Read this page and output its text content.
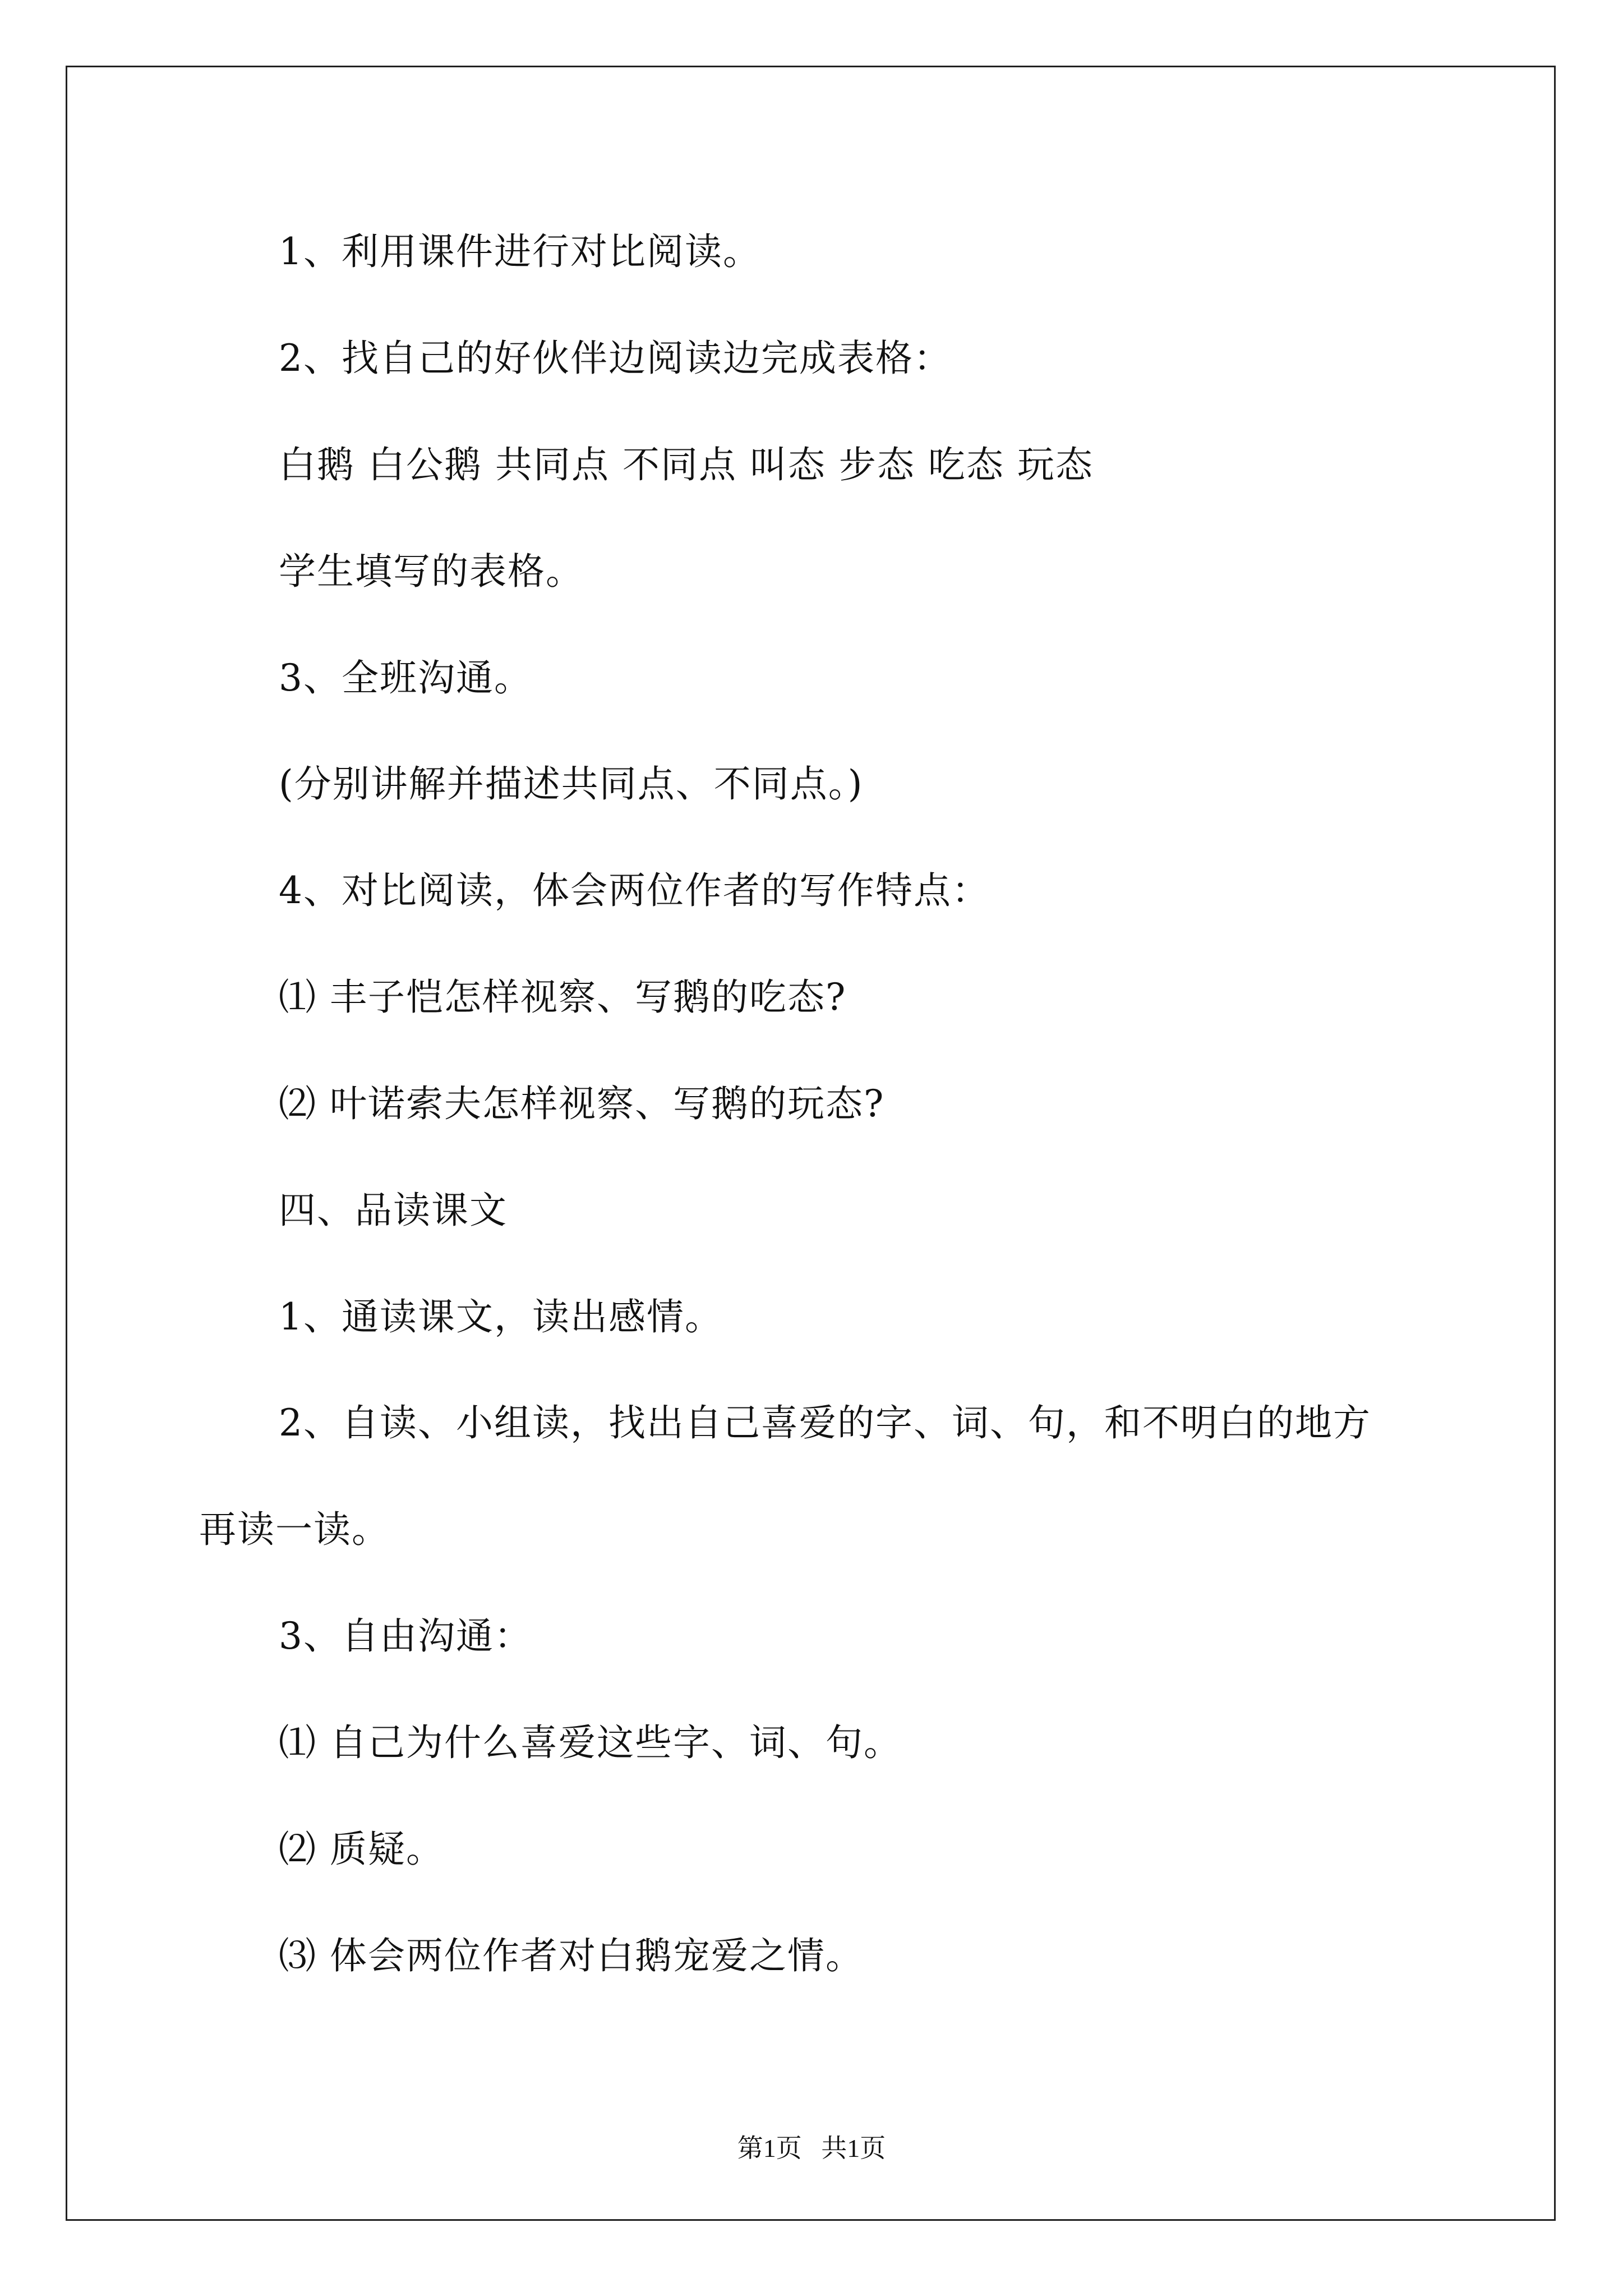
1、利用课件进行对比阅读。
2、找自己的好伙伴边阅读边完成表格：
白鹅 白公鹅 共同点 不同点 叫态 步态 吃态 玩态
学生填写的表格。
3、全班沟通。
(分别讲解并描述共同点、不同点。)
4、对比阅读，体会两位作者的写作特点：
⑴ 丰子恺怎样视察、写鹅的吃态?
⑵ 叶诺索夫怎样视察、写鹅的玩态?
四、品读课文
1、通读课文，读出感情。
2、自读、小组读，找出自己喜爱的字、词、句，和不明白的地方
再读一读。
3、自由沟通：
⑴ 自己为什么喜爱这些字、词、句。
⑵ 质疑。
⑶ 体会两位作者对白鹅宠爱之情。
第1页   共1页
